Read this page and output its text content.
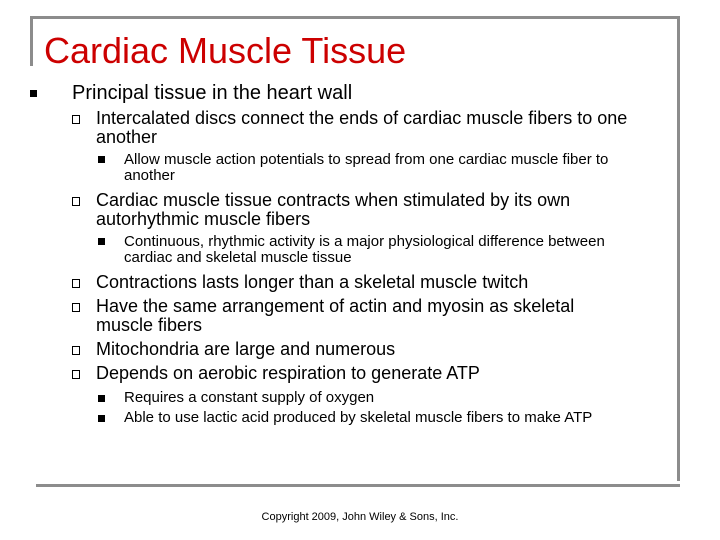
Cardiac Muscle Tissue

Principal tissue in the heart wall

Intercalated discs connect the ends of cardiac muscle fibers to one another

Allow muscle action potentials to spread from one cardiac muscle fiber to another

Cardiac muscle tissue contracts when stimulated by its own autorhythmic muscle fibers

Continuous, rhythmic activity is a major physiological difference between cardiac and skeletal muscle tissue

Contractions lasts longer than a skeletal muscle twitch

Have the same arrangement of actin and myosin as skeletal muscle fibers

Mitochondria are large and numerous

Depends on aerobic respiration to generate ATP

Requires a constant supply of oxygen

Able to use lactic acid produced by skeletal muscle fibers to make ATP

Copyright 2009, John Wiley & Sons, Inc.
